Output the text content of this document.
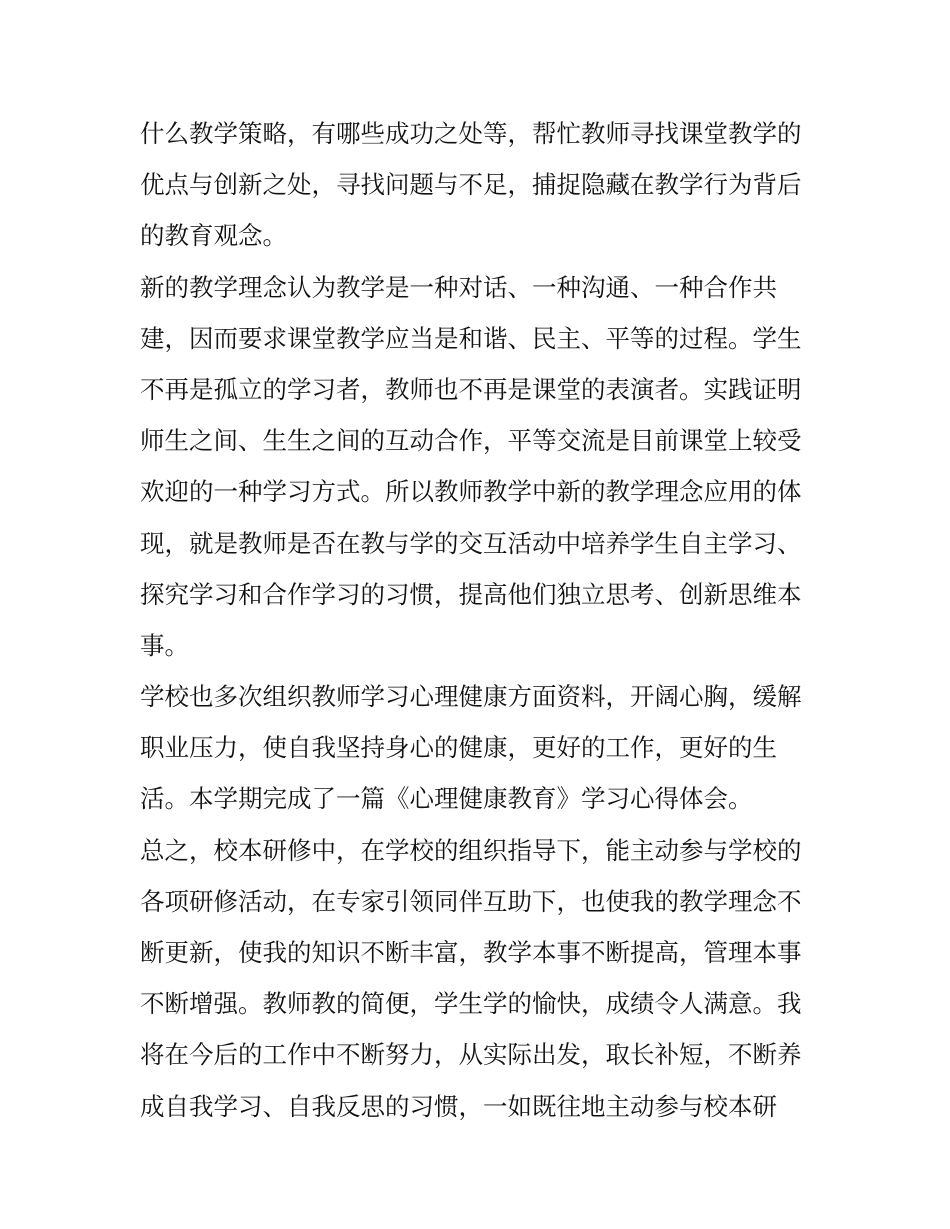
什么教学策略，有哪些成功之处等，帮忙教师寻找课堂教学的
优点与创新之处，寻找问题与不足，捕捉隐藏在教学行为背后
的教育观念。
新的教学理念认为教学是一种对话、一种沟通、一种合作共
建，因而要求课堂教学应当是和谐、民主、平等的过程。学生
不再是孤立的学习者，教师也不再是课堂的表演者。实践证明
师生之间、生生之间的互动合作，平等交流是目前课堂上较受
欢迎的一种学习方式。所以教师教学中新的教学理念应用的体
现，就是教师是否在教与学的交互活动中培养学生自主学习、
探究学习和合作学习的习惯，提高他们独立思考、创新思维本
事。
学校也多次组织教师学习心理健康方面资料，开阔心胸，缓解
职业压力，使自我坚持身心的健康，更好的工作，更好的生
活。本学期完成了一篇《心理健康教育》学习心得体会。
总之，校本研修中，在学校的组织指导下，能主动参与学校的
各项研修活动，在专家引领同伴互助下，也使我的教学理念不
断更新，使我的知识不断丰富，教学本事不断提高，管理本事
不断增强。教师教的简便，学生学的愉快，成绩令人满意。我
将在今后的工作中不断努力，从实际出发，取长补短，不断养
成自我学习、自我反思的习惯，一如既往地主动参与校本研
